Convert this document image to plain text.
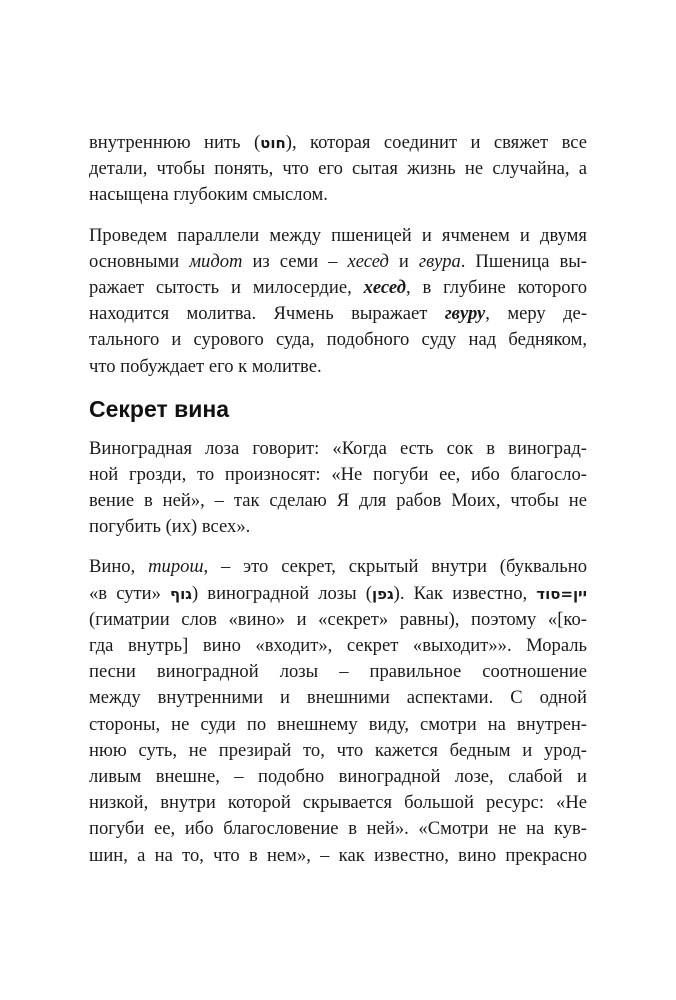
внутреннюю нить (חוט), которая соединит и свяжет все
детали, чтобы понять, что его сытая жизнь не случайна, а
насыщена глубоким смыслом.
Проведем параллели между пшеницей и ячменем и двумя
основными мидот из семи – хесед и гвура. Пшеница вы-
ражает сытость и милосердие, хесед, в глубине которого
находится молитва. Ячмень выражает гвуру, меру де-
тального и сурового суда, подобного суду над бедняком,
что побуждает его к молитве.
Секрет вина
Виноградная лоза говорит: «Когда есть сок в виноград-
ной грозди, то произносят: «Не погуби ее, ибо благосло-
вение в ней», – так сделаю Я для рабов Моих, чтобы не
погубить (их) всех».
Вино, тирош, – это секрет, скрытый внутри (буквально
«в сути» גוף) виноградной лозы (גפן). Как известно, יין=סוד
(гиматрии слов «вино» и «секрет» равны), поэтому «[ко-
гда внутрь] вино «входит», секрет «выходит»». Мораль
песни виноградной лозы – правильное соотношение
между внутренними и внешними аспектами. С одной
стороны, не суди по внешнему виду, смотри на внутрен-
нюю суть, не презирай то, что кажется бедным и урод-
ливым внешне, – подобно виноградной лозе, слабой и
низкой, внутри которой скрывается большой ресурс: «Не
погуби ее, ибо благословение в ней». «Смотри не на кув-
шин, а на то, что в нем», – как известно, вино прекрасно
